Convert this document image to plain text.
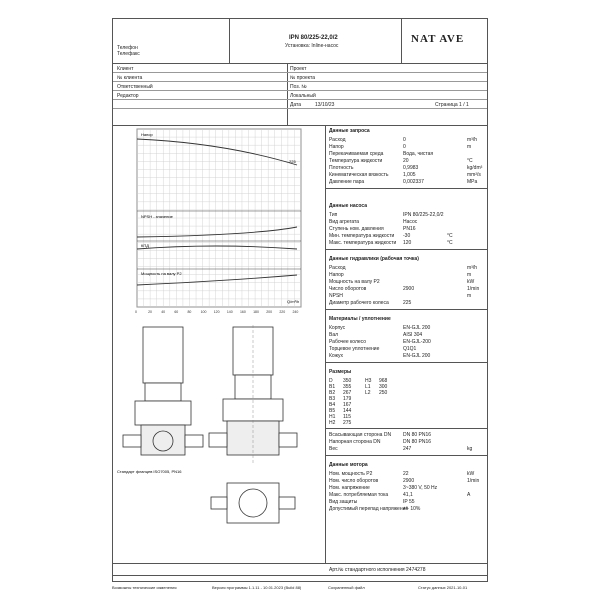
Телефон
Телефакс
IPN 80/225-22,0/2
Установка: Inline-насос
NAT AVE
Клиент
№ клиента
Ответственный
Редактор
Проект
№ проекта
Поз. №
Локальный
Дата	13/10/23	Страница 1 / 1
Напор
NPSH - значение
КПД
Мощность на валу P2
225
Q/m³/h
0	20	40	60	80	100 120 140 160 180 200 220 240
Стандарт фланцев ISO7005, PN16
Данные запроса
Расход	0	m³/h
Напор	0	m
Перекачиваемая среда	Вода, чистая
Температура жидкости	20	°C
Плотность	0,9983	kg/dm³
Кинематическая вязкость	1,005	mm²/s
Давление пара	0,002337	MPa
Данные насоса
Тип	IPN 80/225-22,0/2
Вид агрегата	Насос
Ступень ном. давления	PN16
Мин. температура жидкости -30	°C
Макс. температура жидкости 120	°C
Данные гидравлики (рабочая точка)
Расход	m³/h
Напор	m
Мощность на валу P2	kW
Число оборотов	2900	1/min
NPSH	m
Диаметр рабочего колеса	225
Материалы / уплотнение
Корпус	EN-GJL 200
Вал	AISI 304
Рабочее колесо	EN-GJL-200
Торцевое уплотнение	Q1Q1
Кожух	EN-GJL 200
Размеры
D 350	H3 968
B1 355	L1 300
B2 267	L2 250
B3 179
B4 167
B5 144
H1 115
H2 275
Всасывающая сторона DN DN 80 PN16
Напорная сторона DN	DN 80 PN16
Вес	247	kg
Данные мотора
Ном. мощность P2	22	kW
Ном. число оборотов	2900	1/min
Ном. напряжение	3~380 V, 50 Hz
Макс. потребляемая тока	41,1	A
Вид защиты	IP 55
Допустимый перепад напряжения
+/- 10%
Арт.№ стандартного исполнения 2474278
Возможны технические изменения	Версия программы 1.1.11 - 10.01.2023 (Build 88)	Сохраненный файл	Статус данных 2021-10-01
